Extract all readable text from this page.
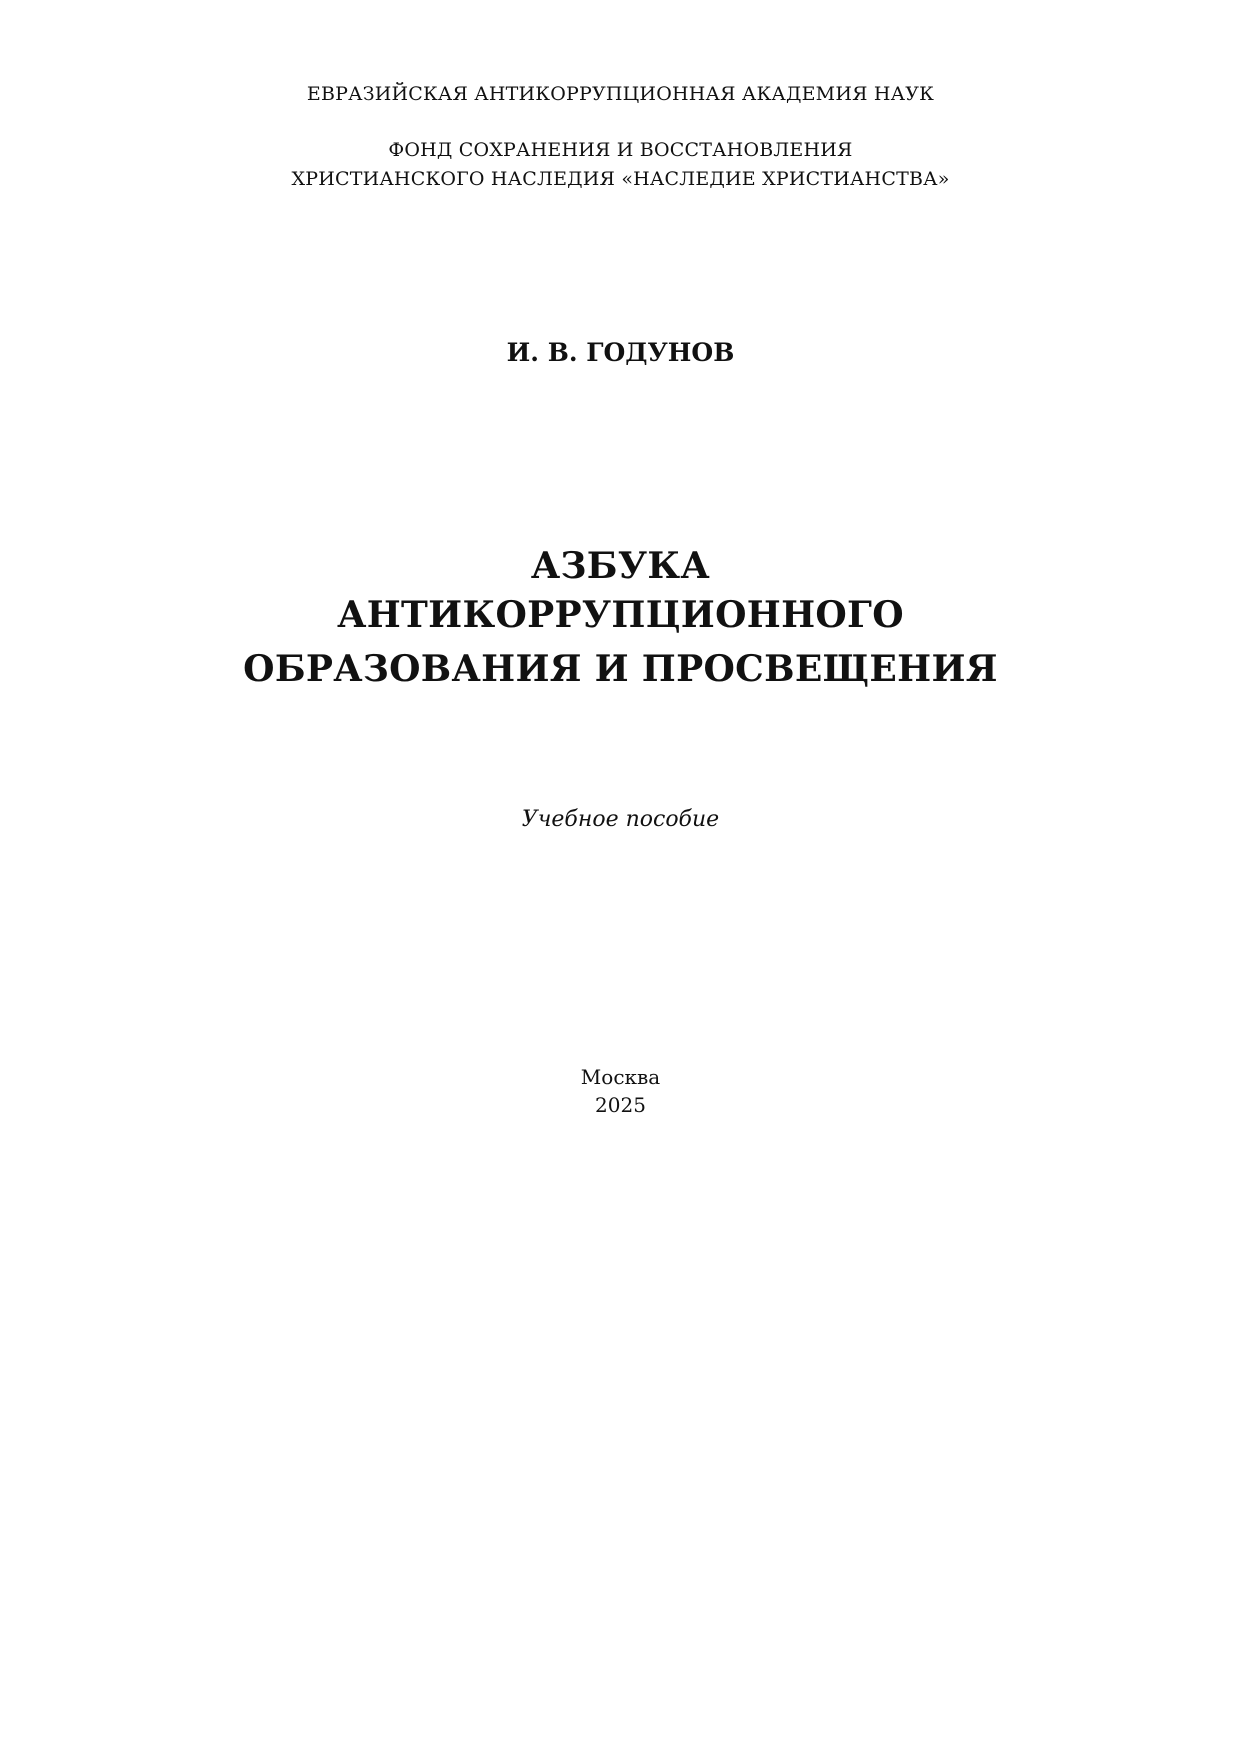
ЕВРАЗИЙСКАЯ АНТИКОРРУПЦИОННАЯ АКАДЕМИЯ НАУК

ФОНД СОХРАНЕНИЯ И ВОССТАНОВЛЕНИЯ

ХРИСТИАНСКОГО НАСЛЕДИЯ «НАСЛЕДИЕ ХРИСТИАНСТВА»

И. В. ГОДУНОВ

АЗБУКА
АНТИКОРРУПЦИОННОГО
ОБРАЗОВАНИЯ И ПРОСВЕЩЕНИЯ

Учебное пособие

Москва

2025
